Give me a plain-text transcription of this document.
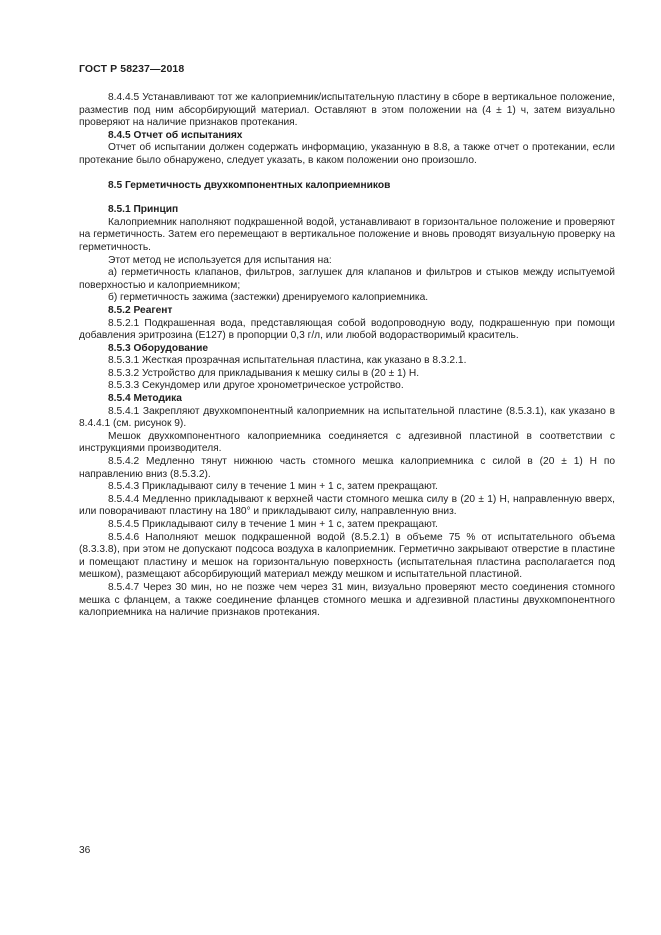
ГОСТ Р 58237—2018

8.4.4.5 Устанавливают тот же калоприемник/испытательную пластину в сборе в вертикальное положение, разместив под ним абсорбирующий материал. Оставляют в этом положении на (4 ± 1) ч, затем визуально проверяют на наличие признаков протекания.

8.4.5 Отчет об испытаниях

Отчет об испытании должен содержать информацию, указанную в 8.8, а также отчет о протекании, если протекание было обнаружено, следует указать, в каком положении оно произошло.

8.5 Герметичность двухкомпонентных калоприемников

8.5.1 Принцип

Калоприемник наполняют подкрашенной водой, устанавливают в горизонтальное положение и проверяют на герметичность. Затем его перемещают в вертикальное положение и вновь проводят визуальную проверку на герметичность.

Этот метод не используется для испытания на:

а) герметичность клапанов, фильтров, заглушек для клапанов и фильтров и стыков между испытуемой поверхностью и калоприемником;

б) герметичность зажима (застежки) дренируемого калоприемника.

8.5.2 Реагент

8.5.2.1 Подкрашенная вода, представляющая собой водопроводную воду, подкрашенную при помощи добавления эритрозина (E127) в пропорции 0,3 г/л, или любой водорастворимый краситель.

8.5.3 Оборудование

8.5.3.1 Жесткая прозрачная испытательная пластина, как указано в 8.3.2.1.

8.5.3.2 Устройство для прикладывания к мешку силы в (20 ± 1) Н.

8.5.3.3 Секундомер или другое хронометрическое устройство.

8.5.4 Методика

8.5.4.1 Закрепляют двухкомпонентный калоприемник на испытательной пластине (8.5.3.1), как указано в 8.4.4.1 (см. рисунок 9).

Мешок двухкомпонентного калоприемника соединяется с адгезивной пластиной в соответствии с инструкциями производителя.

8.5.4.2 Медленно тянут нижнюю часть стомного мешка калоприемника с силой в (20 ± 1) Н по направлению вниз (8.5.3.2).

8.5.4.3 Прикладывают силу в течение 1 мин + 1 с, затем прекращают.

8.5.4.4 Медленно прикладывают к верхней части стомного мешка силу в (20 ± 1) Н, направленную вверх, или поворачивают пластину на 180° и прикладывают силу, направленную вниз.

8.5.4.5 Прикладывают силу в течение 1 мин + 1 с, затем прекращают.

8.5.4.6 Наполняют мешок подкрашенной водой (8.5.2.1) в объеме 75 % от испытательного объема (8.3.3.8), при этом не допускают подсоса воздуха в калоприемник. Герметично закрывают отверстие в пластине и помещают пластину и мешок на горизонтальную поверхность (испытательная пластина располагается под мешком), размещают абсорбирующий материал между мешком и испытательной пластиной.

8.5.4.7 Через 30 мин, но не позже чем через 31 мин, визуально проверяют место соединения стомного мешка с фланцем, а также соединение фланцев стомного мешка и адгезивной пластины двухкомпонентного калоприемника на наличие признаков протекания.

36
